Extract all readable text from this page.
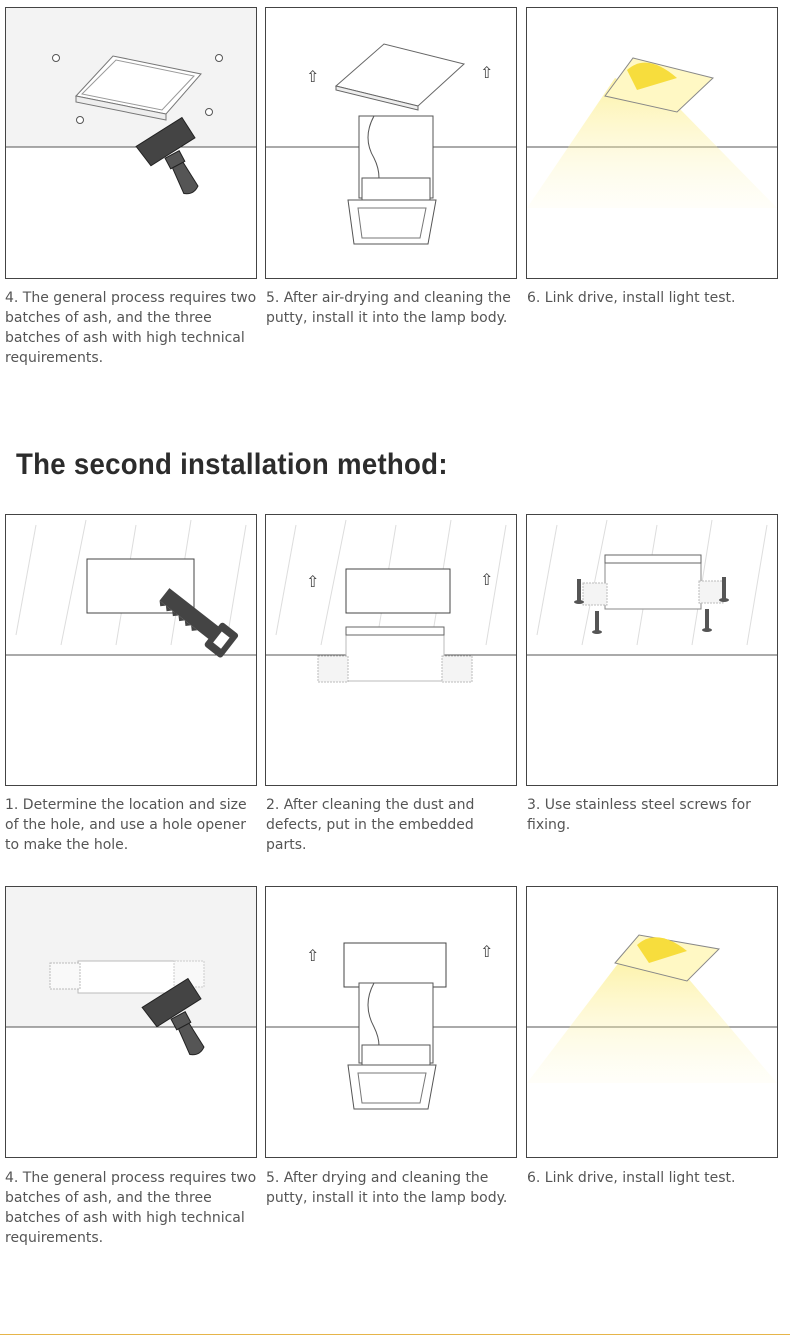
4. The general process requires two batches of ash, and the three batches of ash with high technical requirements.

⇧	⇧

5. After air-drying and cleaning the putty, install it into the lamp body.

6. Link drive, install light test.

The second installation method:

1. Determine the location and size of the hole, and use a hole opener to make the hole.

⇧	⇧

2. After cleaning the dust and defects, put in the embedded parts.

3. Use stainless steel screws for fixing.

4. The general process requires two batches of ash, and the three batches of ash with high technical requirements.

⇧	⇧

5. After drying and cleaning the putty, install it into the lamp body.

6. Link drive, install light test.
